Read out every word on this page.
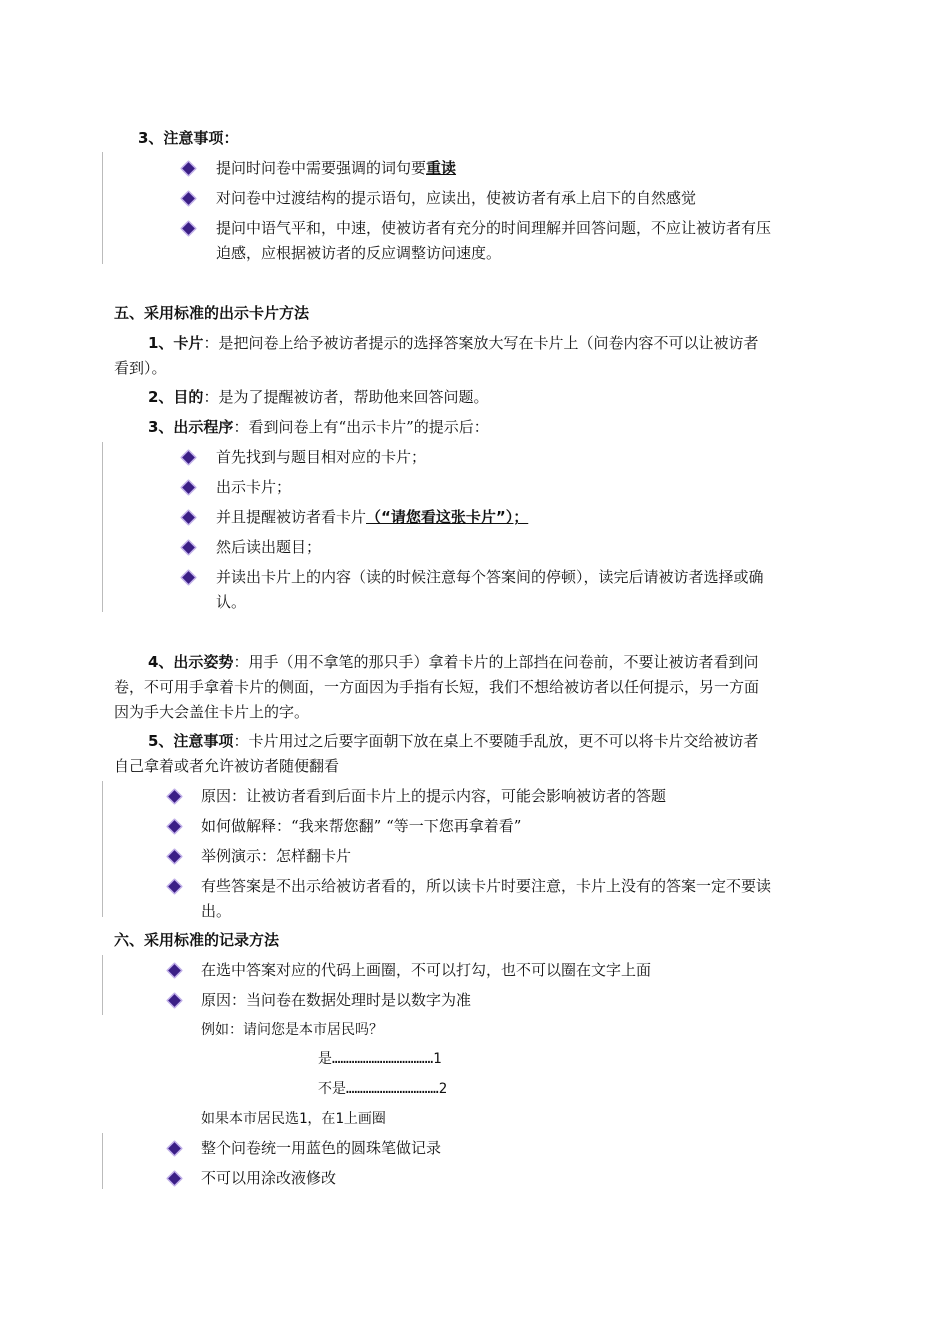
3、注意事项：
提问时问卷中需要强调的词句要重读
对问卷中过渡结构的提示语句，应读出，使被访者有承上启下的自然感觉
提问中语气平和，中速，使被访者有充分的时间理解并回答问题，不应让被访者有压
迫感，应根据被访者的反应调整访问速度。
五、采用标准的出示卡片方法
1、卡片：是把问卷上给予被访者提示的选择答案放大写在卡片上（问卷内容不可以让被访者
看到）。
2、目的：是为了提醒被访者，帮助他来回答问题。
3、出示程序：看到问卷上有“出示卡片”的提示后：
首先找到与题目相对应的卡片；
出示卡片；
并且提醒被访者看卡片（“请您看这张卡片”）；
然后读出题目；
并读出卡片上的内容（读的时候注意每个答案间的停顿），读完后请被访者选择或确
认。
4、出示姿势：用手（用不拿笔的那只手）拿着卡片的上部挡在问卷前，不要让被访者看到问
卷，不可用手拿着卡片的侧面，一方面因为手指有长短，我们不想给被访者以任何提示，另一方面
因为手大会盖住卡片上的字。
5、注意事项：卡片用过之后要字面朝下放在桌上不要随手乱放，更不可以将卡片交给被访者
自己拿着或者允许被访者随便翻看
原因：让被访者看到后面卡片上的提示内容，可能会影响被访者的答题
如何做解释：“我来帮您翻” “等一下您再拿着看”
举例演示：怎样翻卡片
有些答案是不出示给被访者看的，所以读卡片时要注意，卡片上没有的答案一定不要读
出。
六、采用标准的记录方法
在选中答案对应的代码上画圈，不可以打勾，也不可以圈在文字上面
原因：当问卷在数据处理时是以数字为准
例如：请问您是本市居民吗？
是………………………………1
不是……………………………2
如果本市居民选1，在1上画圈
整个问卷统一用蓝色的圆珠笔做记录
不可以用涂改液修改
